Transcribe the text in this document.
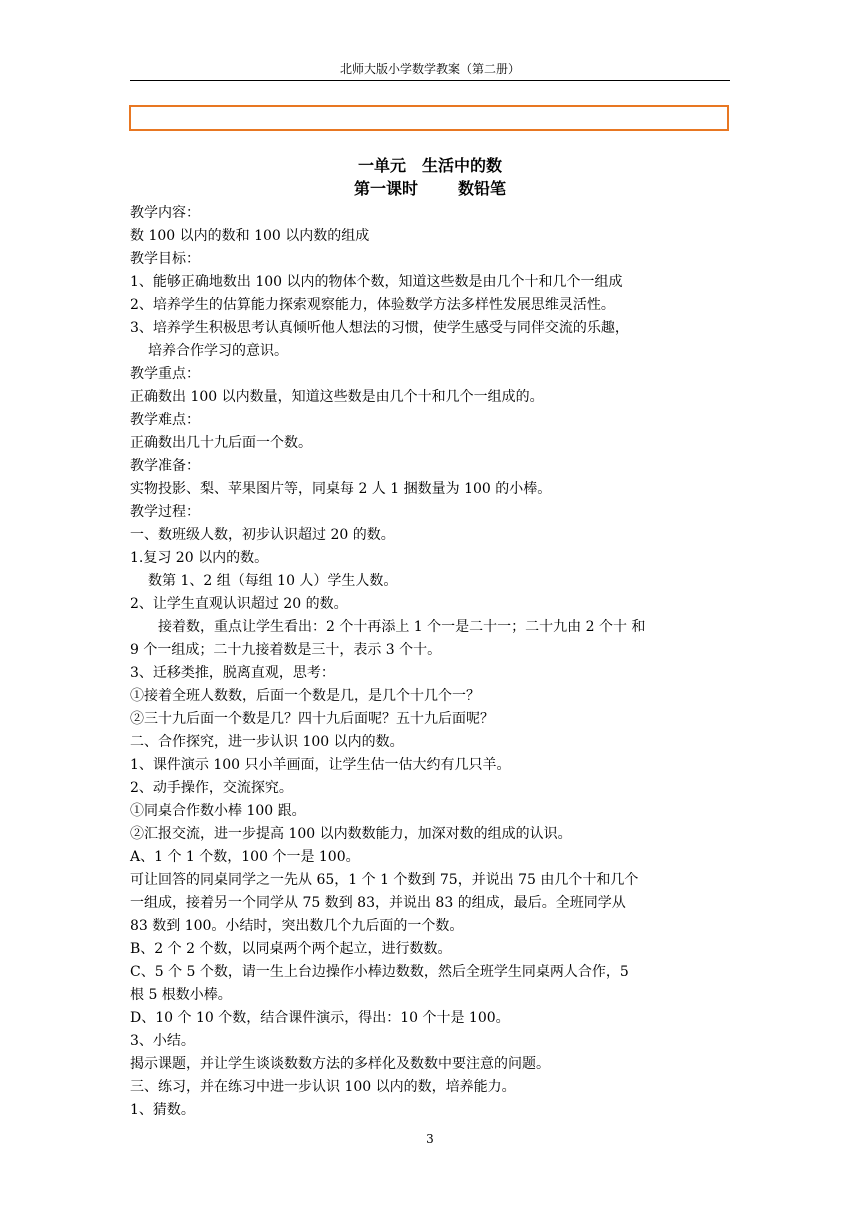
北师大版小学数学教案（第二册）
一单元　生活中的数
第一课时	数铅笔

教学内容：

数 100 以内的数和 100 以内数的组成

教学目标：

1、能够正确地数出 100 以内的物体个数，知道这些数是由几个十和几个一组成

2、培养学生的估算能力探索观察能力，体验数学方法多样性发展思维灵活性。

3、培养学生积极思考认真倾听他人想法的习惯，使学生感受与同伴交流的乐趣，

培养合作学习的意识。

教学重点：

正确数出 100 以内数量，知道这些数是由几个十和几个一组成的。

教学难点：

正确数出几十九后面一个数。

教学准备：

实物投影、梨、苹果图片等，同桌每 2 人 1 捆数量为 100 的小棒。

教学过程：

一、数班级人数，初步认识超过 20 的数。

1.复习 20 以内的数。

数第 1、2 组（每组 10 人）学生人数。

2、让学生直观认识超过 20 的数。

接着数，重点让学生看出：2 个十再添上 1 个一是二十一；二十九由 2 个十 和

9 个一组成；二十九接着数是三十，表示 3 个十。

3、迁移类推，脱离直观，思考：

①接着全班人数数，后面一个数是几，是几个十几个一？

②三十九后面一个数是几？四十九后面呢？五十九后面呢？

二、合作探究，进一步认识 100 以内的数。

1、课件演示 100 只小羊画面，让学生估一估大约有几只羊。

2、动手操作，交流探究。

①同桌合作数小棒 100 跟。

②汇报交流，进一步提高 100 以内数数能力，加深对数的组成的认识。

A、1 个 1 个数，100 个一是 100。

可让回答的同桌同学之一先从 65，1 个 1 个数到 75，并说出 75 由几个十和几个

一组成，接着另一个同学从 75 数到 83，并说出 83 的组成，最后。全班同学从

83 数到 100。小结时，突出数几个九后面的一个数。

B、2 个 2 个数，以同桌两个两个起立，进行数数。

C、5 个 5 个数，请一生上台边操作小棒边数数，然后全班学生同桌两人合作，5

根 5 根数小棒。

D、10 个 10 个数，结合课件演示，得出：10 个十是 100。

3、小结。

揭示课题，并让学生谈谈数数方法的多样化及数数中要注意的问题。

三、练习，并在练习中进一步认识 100 以内的数，培养能力。

1、猜数。

3
